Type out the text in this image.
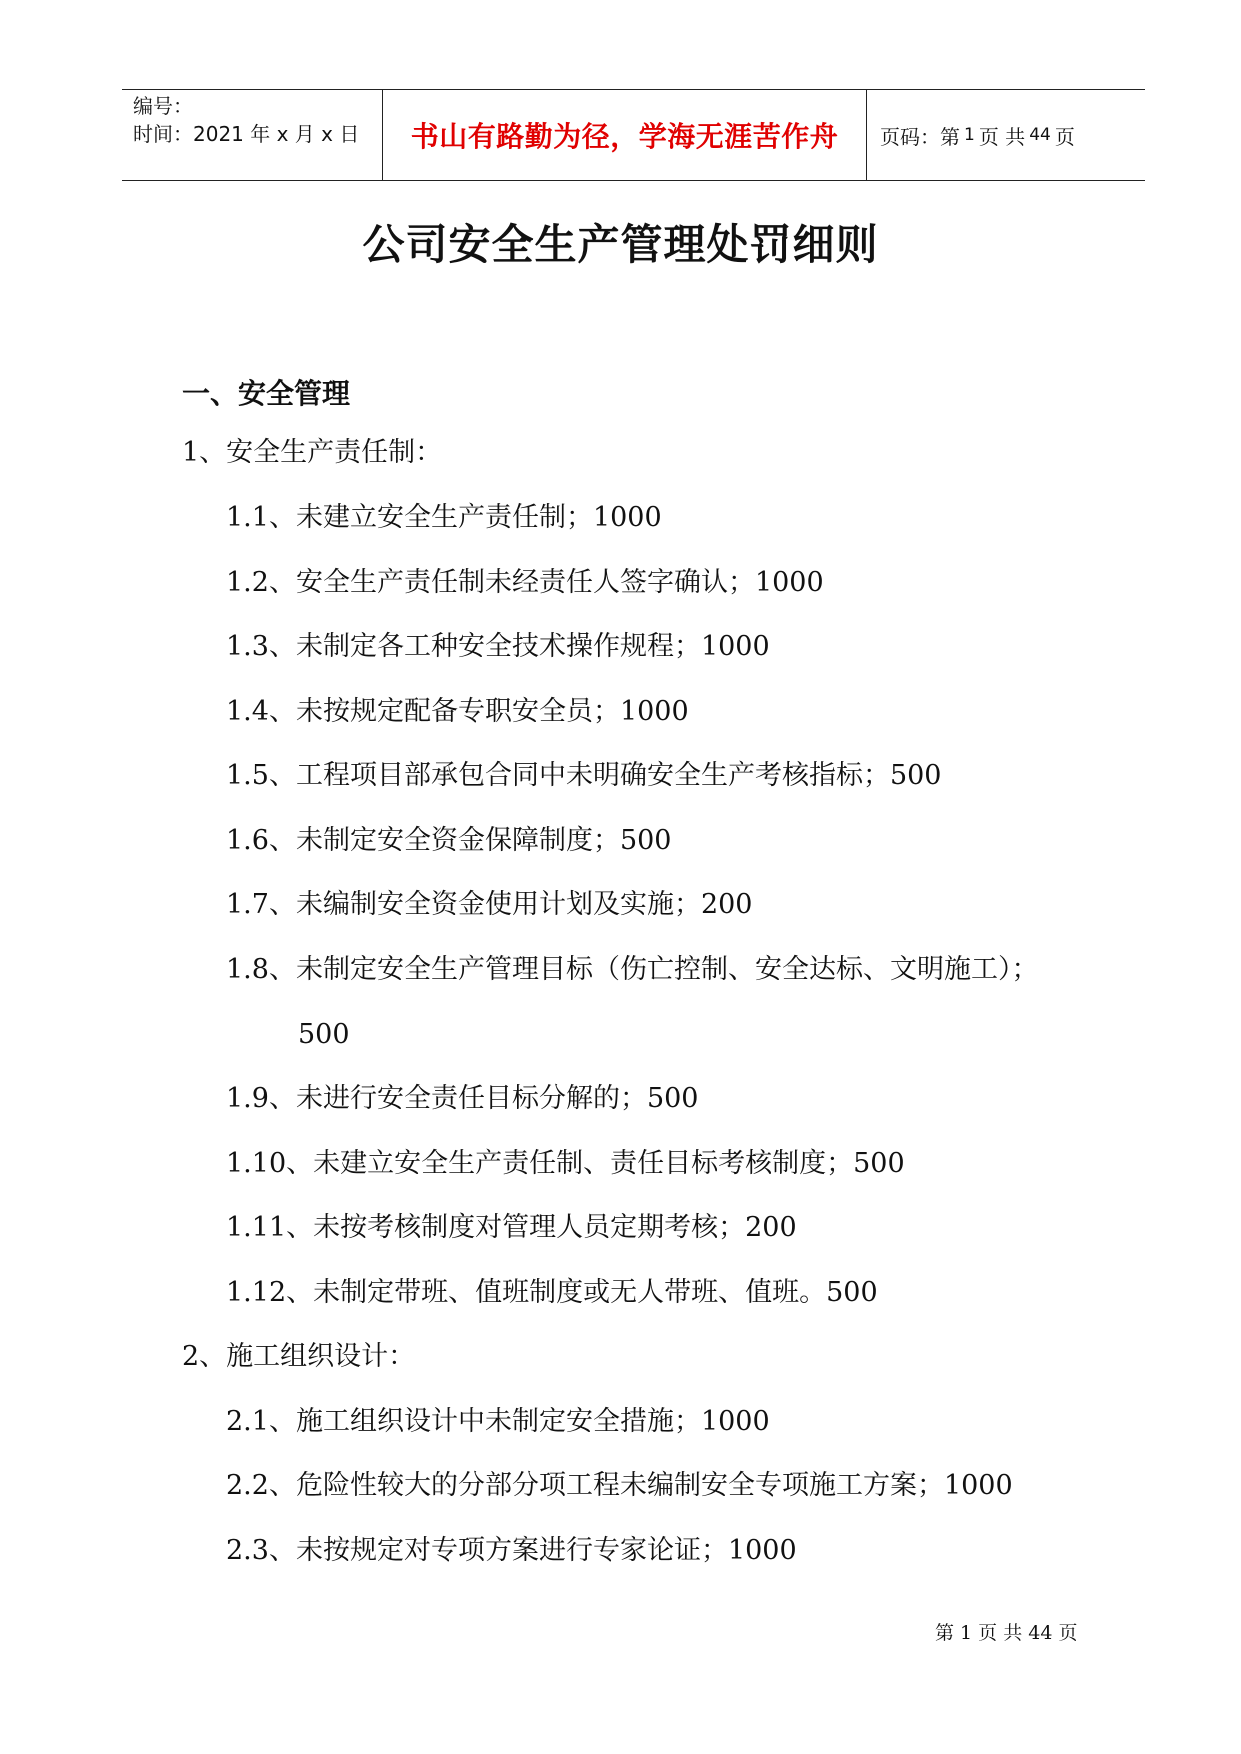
编号：
时间：2021 年 x 月 x 日	书山有路勤为径，学海无涯苦作舟	页码：第 1 页 共 44 页
公司安全生产管理处罚细则
一、安全管理
1、安全生产责任制：
1.1、未建立安全生产责任制；1000
1.2、安全生产责任制未经责任人签字确认；1000
1.3、未制定各工种安全技术操作规程；1000
1.4、未按规定配备专职安全员；1000
1.5、工程项目部承包合同中未明确安全生产考核指标；500
1.6、未制定安全资金保障制度；500
1.7、未编制安全资金使用计划及实施；200
1.8、未制定安全生产管理目标（伤亡控制、安全达标、文明施工）；
500
1.9、未进行安全责任目标分解的；500
1.10、未建立安全生产责任制、责任目标考核制度；500
1.11、未按考核制度对管理人员定期考核；200
1.12、未制定带班、值班制度或无人带班、值班。500
2、施工组织设计：
2.1、施工组织设计中未制定安全措施；1000
2.2、危险性较大的分部分项工程未编制安全专项施工方案；1000
2.3、未按规定对专项方案进行专家论证；1000
第 1 页 共 44 页
